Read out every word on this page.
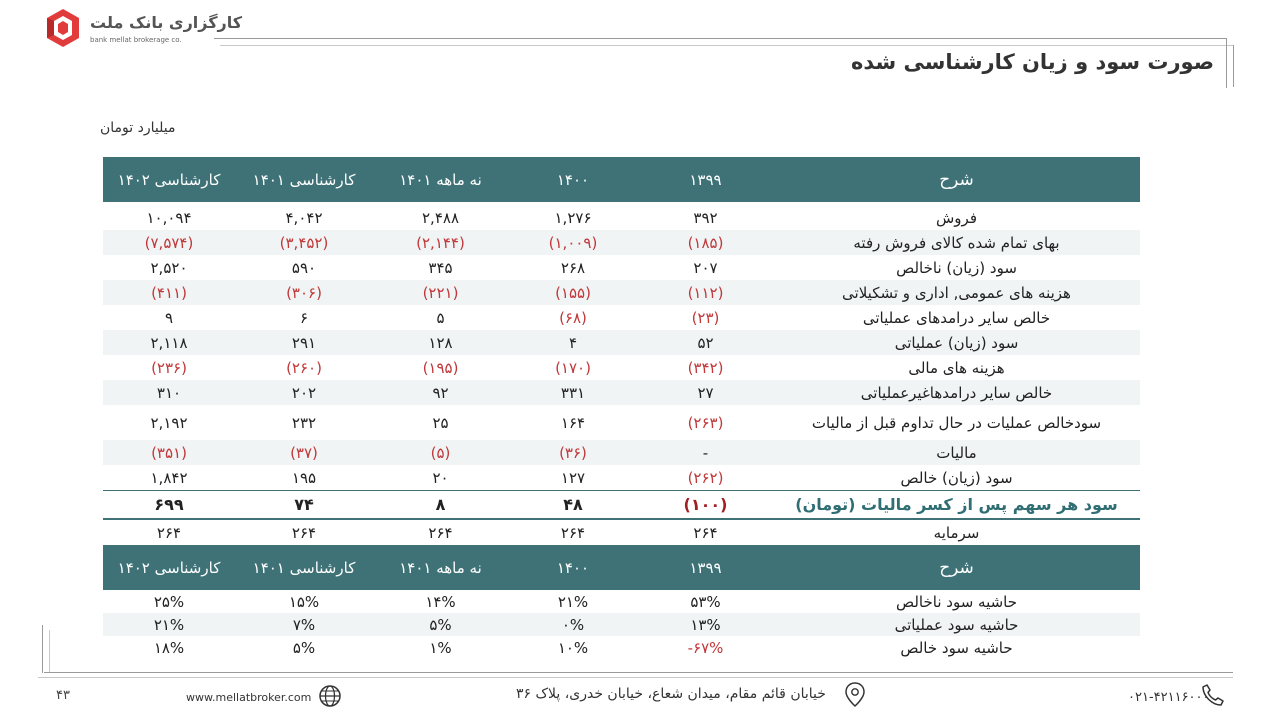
کارگزاری بانک ملت
bank mellat brokerage co.
صورت سود و زیان کارشناسی شده
میلیارد تومان
کارشناسی ۱۴۰۲	کارشناسی ۱۴۰۱	نه ماهه ۱۴۰۱	۱۴۰۰	۱۳۹۹	شرح
۱۰,۰۹۴	۴,۰۴۲	۲,۴۸۸	۱,۲۷۶	۳۹۲	فروش
(۷,۵۷۴)	(۳,۴۵۲)	(۲,۱۴۴)	(۱,۰۰۹)	(۱۸۵)	بهای تمام شده کالای فروش رفته
۲,۵۲۰	۵۹۰	۳۴۵	۲۶۸	۲۰۷	سود (زیان) ناخالص
(۴۱۱)	(۳۰۶)	(۲۲۱)	(۱۵۵)	(۱۱۲)	هزینه های عمومی, اداری و تشکیلاتی
۹	۶	۵	(۶۸)	(۲۳)	خالص سایر درامدهای عملیاتی
۲,۱۱۸	۲۹۱	۱۲۸	۴	۵۲	سود (زیان) عملیاتی
(۲۳۶)	(۲۶۰)	(۱۹۵)	(۱۷۰)	(۳۴۲)	هزینه های مالی
۳۱۰	۲۰۲	۹۲	۳۳۱	۲۷	خالص سایر درامدهاغیرعملیاتی
۲,۱۹۲	۲۳۲	۲۵	۱۶۴	(۲۶۳)	سودخالص عملیات در حال تداوم قبل از مالیات
(۳۵۱)	(۳۷)	(۵)	(۳۶)	-	مالیات
۱,۸۴۲	۱۹۵	۲۰	۱۲۷	(۲۶۲)	سود (زیان) خالص
۶۹۹	۷۴	۸	۴۸	(۱۰۰)	سود هر سهم پس از کسر مالیات (تومان)
۲۶۴	۲۶۴	۲۶۴	۲۶۴	۲۶۴	سرمایه
کارشناسی ۱۴۰۲	کارشناسی ۱۴۰۱	نه ماهه ۱۴۰۱	۱۴۰۰	۱۳۹۹	شرح
۲۵%	۱۵%	۱۴%	۲۱%	۵۳%	حاشیه سود ناخالص
۲۱%	۷%	۵%	۰%	۱۳%	حاشیه سود عملیاتی
۱۸%	۵%	۱%	۱۰%	-۶۷%	حاشیه سود خالص
۴۳	www.mellatbroker.com	خیابان قائم مقام، میدان شعاع، خیابان خدری، پلاک ۳۶	۰۲۱-۴۲۱۱۶۰۰۰
